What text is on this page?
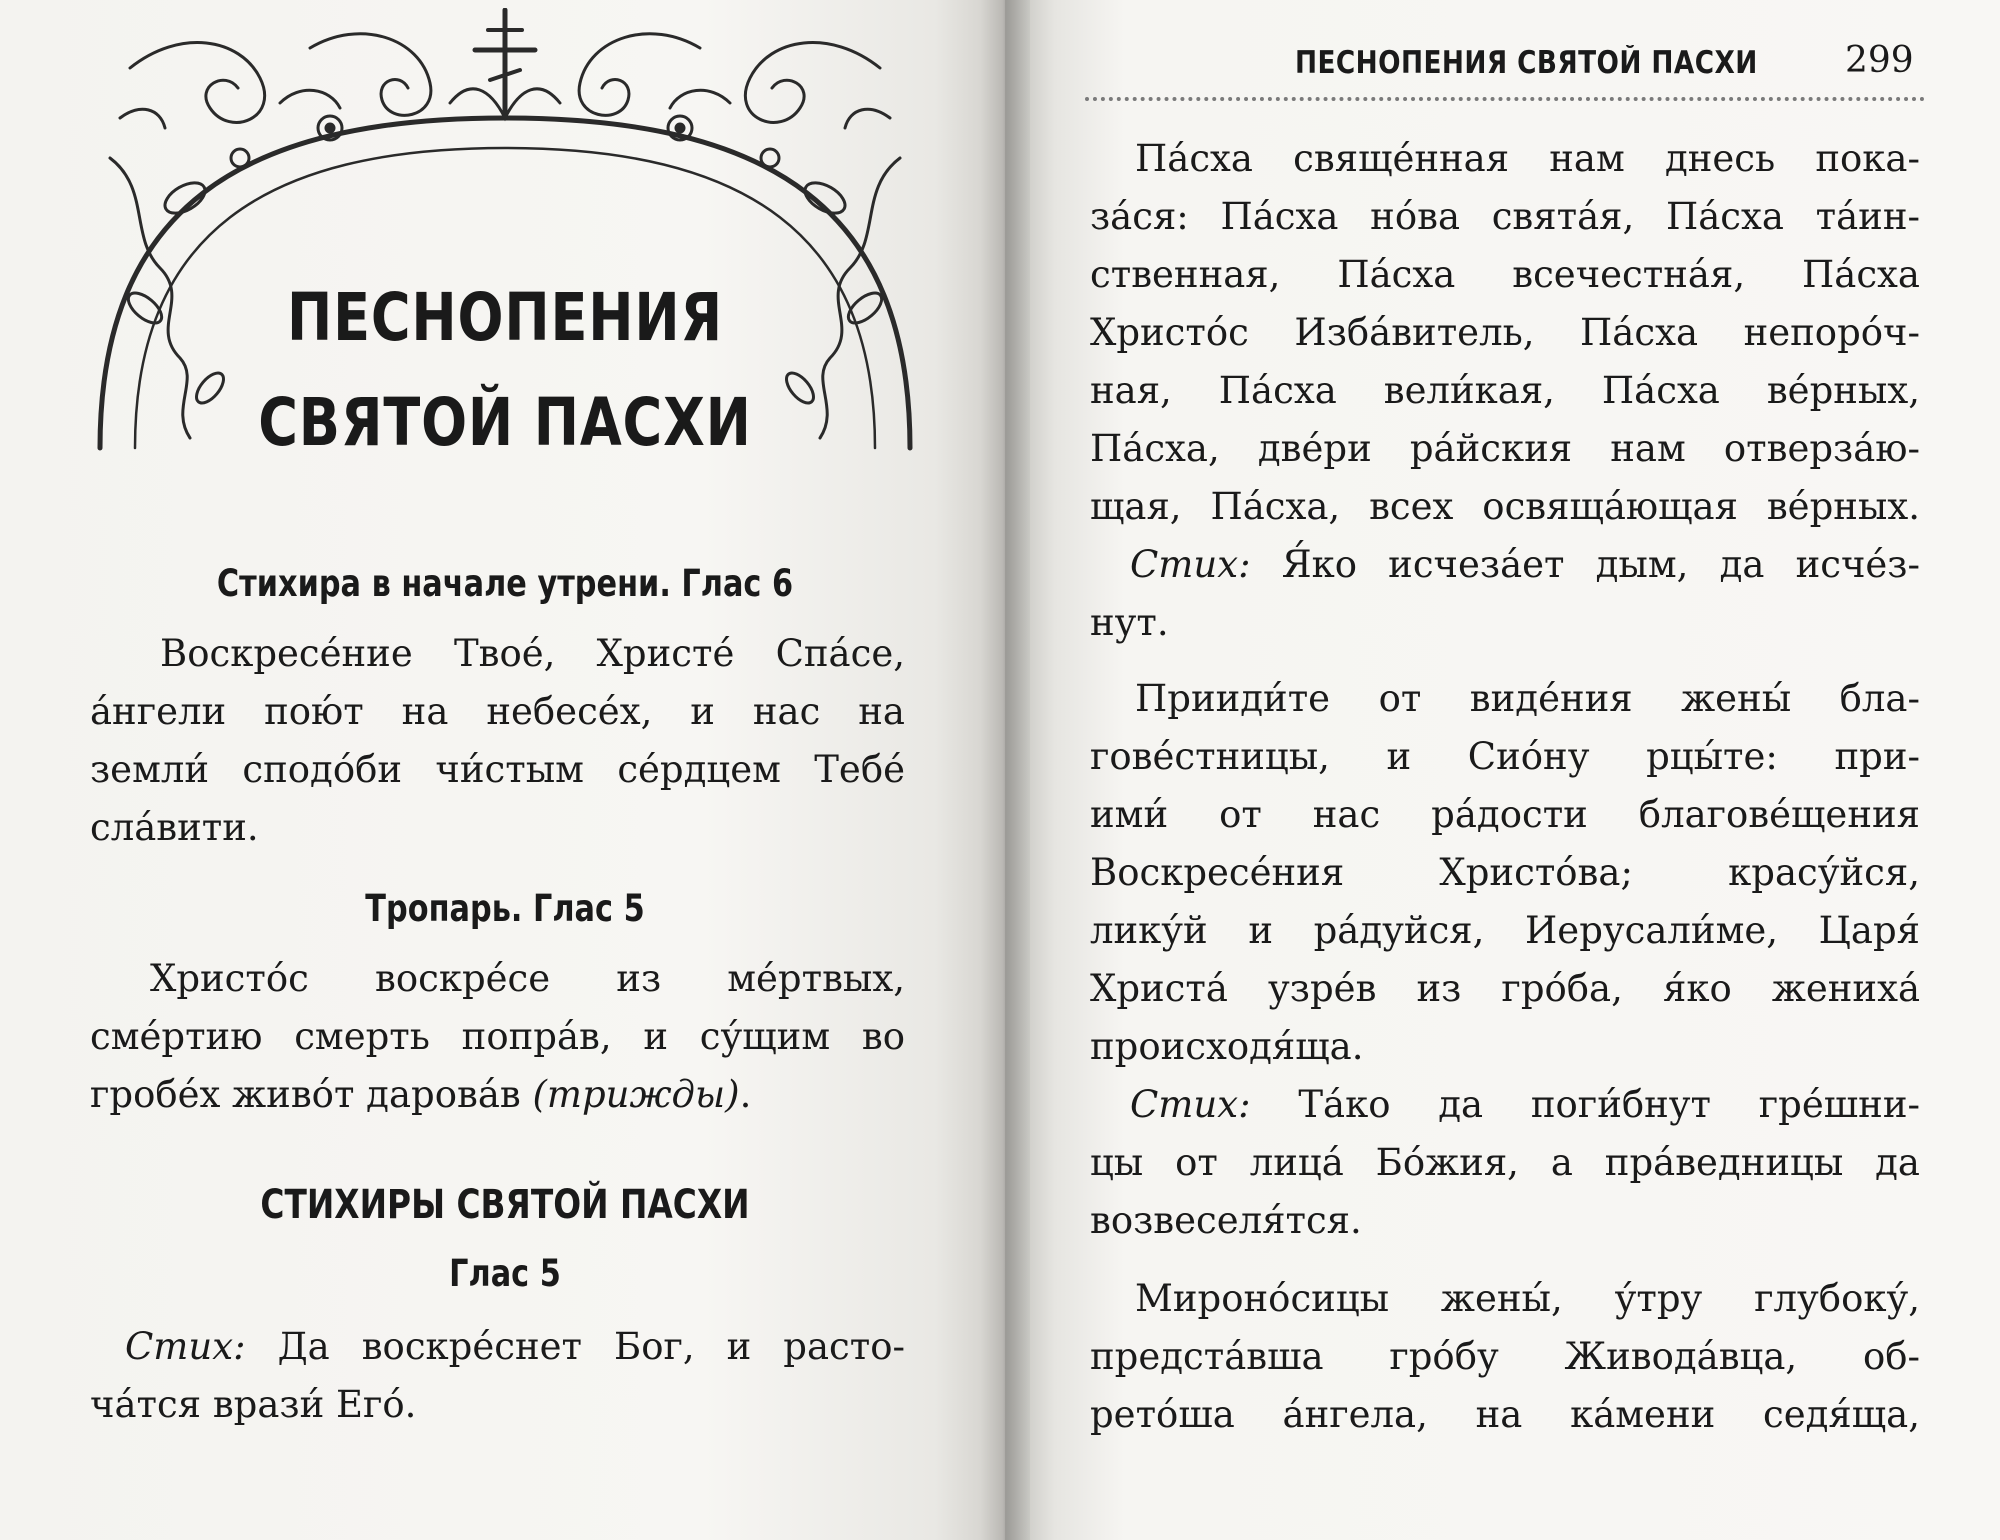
ПЕСНОПЕНИЯ
СВЯТОЙ ПАСХИ
Стихира в начале утрени. Глас 6

Воскресе́ние Твое́, Христе́ Спа́се,
а́нгели пою́т на небесе́х, и нас на
земли́ сподо́би чи́стым се́рдцем Тебе́
сла́вити.

Тропарь. Глас 5

Христо́с воскре́се из ме́ртвых,
сме́ртию смерть попра́в, и су́щим во
гробе́х живо́т дарова́в (трижды).

СТИХИРЫ СВЯТОЙ ПАСХИ
Глас 5

Стих: Да воскре́снет Бог, и расто-
ча́тся врази́ Его́.

ПЕСНОПЕНИЯ СВЯТОЙ ПАСХИ 299

Па́сха свяще́нная нам днесь пока-
за́ся: Па́сха но́ва свята́я, Па́сха та́ин-
ственная, Па́сха всечестна́я, Па́сха
Христо́с Изба́витель, Па́сха непоро́ч-
ная, Па́сха вели́кая, Па́сха ве́рных,
Па́сха, две́ри ра́йския нам отверза́ю-
щая, Па́сха, всех освяща́ющая ве́рных.
Стих: Я́ко исчеза́ет дым, да исче́з-
нут.

Прииди́те от виде́ния жены́ бла-
гове́стницы, и Сио́ну рцы́те: при-
ими́ от нас ра́дости благове́щения
Воскресе́ния Христо́ва; красу́йся,
лику́й и ра́дуйся, Иерусали́ме, Царя́
Христа́ узре́в из гро́ба, я́ко жениха́
происходя́ща.
Стих: Та́ко да поги́бнут гре́шни-
цы от лица́ Бо́жия, а пра́ведницы да
возвеселя́тся.

Мироно́сицы жены́, у́тру глубоку́,
предста́вша гро́бу Живода́вца, об-
рето́ша а́нгела, на ка́мени седя́ща,
